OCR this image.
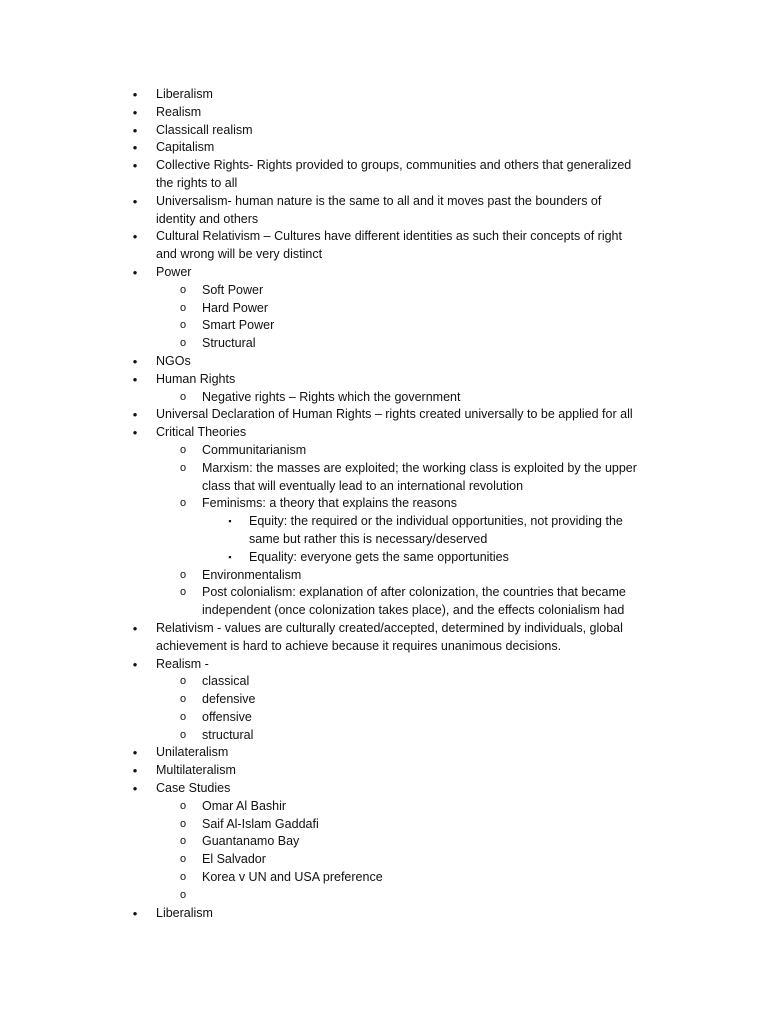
•	Liberalism
•	Realism
•	Classicall realism
•	Capitalism
•	Collective Rights- Rights provided to groups, communities and others that generalized
the rights to all
•	Universalism- human nature is the same to all and it moves past the bounders of
identity and others
•	Cultural Relativism – Cultures have different identities as such their concepts of right
and wrong will be very distinct
•	Power
o	Soft Power
o	Hard Power
o	Smart Power
o	Structural
•	NGOs
•	Human Rights
o	Negative rights – Rights which the government
•	Universal Declaration of Human Rights – rights created universally to be applied for all
•	Critical Theories
o	Communitarianism
o	Marxism: the masses are exploited; the working class is exploited by the upper
class that will eventually lead to an international revolution
o	Feminisms: a theory that explains the reasons
▪	Equity: the required or the individual opportunities, not providing the
same but rather this is necessary/deserved
▪	Equality: everyone gets the same opportunities
o	Environmentalism
o	Post colonialism: explanation of after colonization, the countries that became
independent (once colonization takes place), and the effects colonialism had
•	Relativism - values are culturally created/accepted, determined by individuals, global
achievement is hard to achieve because it requires unanimous decisions.
•	Realism -
o	classical
o	defensive
o	offensive
o	structural
•	Unilateralism
•	Multilateralism
•	Case Studies
o	Omar Al Bashir
o	Saif Al-Islam Gaddafi
o	Guantanamo Bay
o	El Salvador
o	Korea v UN and USA preference
o
•	Liberalism
